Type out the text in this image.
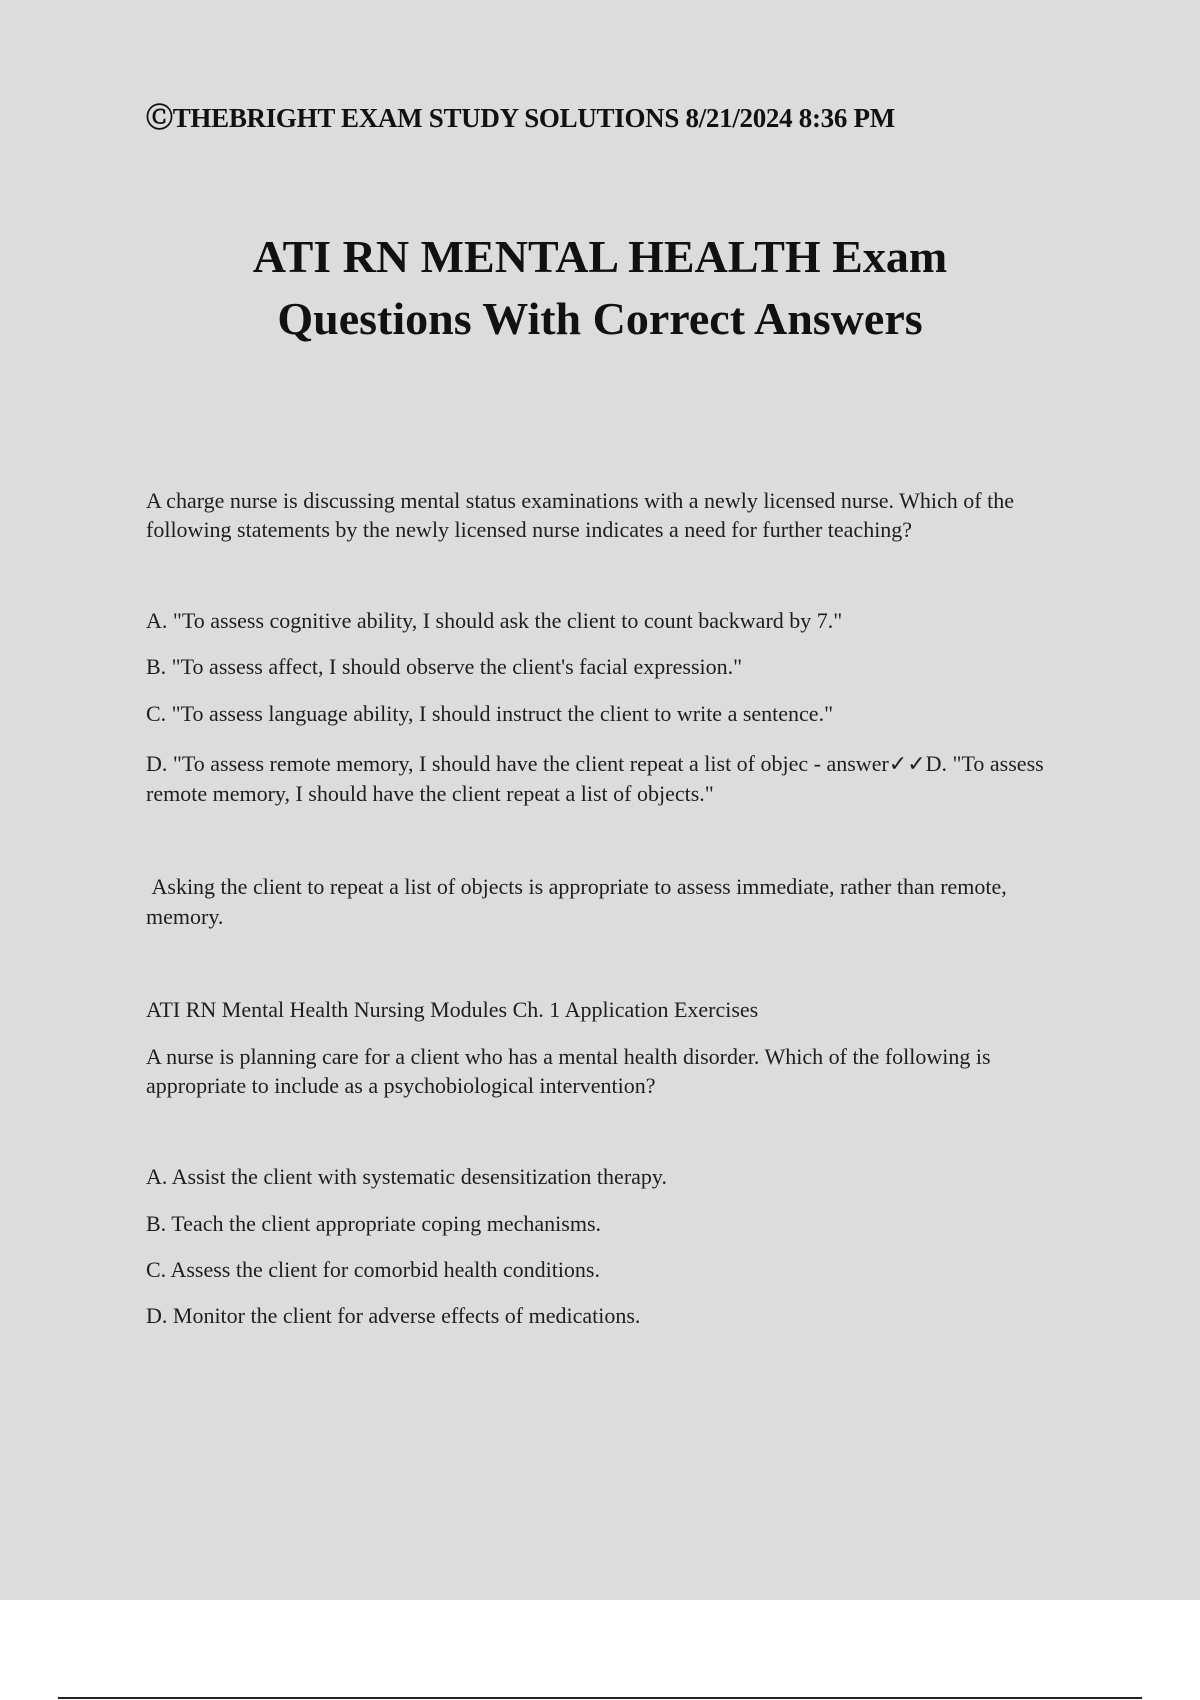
ⒸTHEBRIGHT EXAM STUDY SOLUTIONS 8/21/2024 8:36 PM
ATI RN MENTAL HEALTH Exam
Questions With Correct Answers
A charge nurse is discussing mental status examinations with a newly licensed nurse. Which of the following statements by the newly licensed nurse indicates a need for further teaching?
A. "To assess cognitive ability, I should ask the client to count backward by 7."
B. "To assess affect, I should observe the client's facial expression."
C. "To assess language ability, I should instruct the client to write a sentence."
D. "To assess remote memory, I should have the client repeat a list of objec - answer✓✓D. "To assess remote memory, I should have the client repeat a list of objects."
Asking the client to repeat a list of objects is appropriate to assess immediate, rather than remote, memory.
ATI RN Mental Health Nursing Modules Ch. 1 Application Exercises
A nurse is planning care for a client who has a mental health disorder. Which of the following is appropriate to include as a psychobiological intervention?
A. Assist the client with systematic desensitization therapy.
B. Teach the client appropriate coping mechanisms.
C. Assess the client for comorbid health conditions.
D. Monitor the client for adverse effects of medications.
